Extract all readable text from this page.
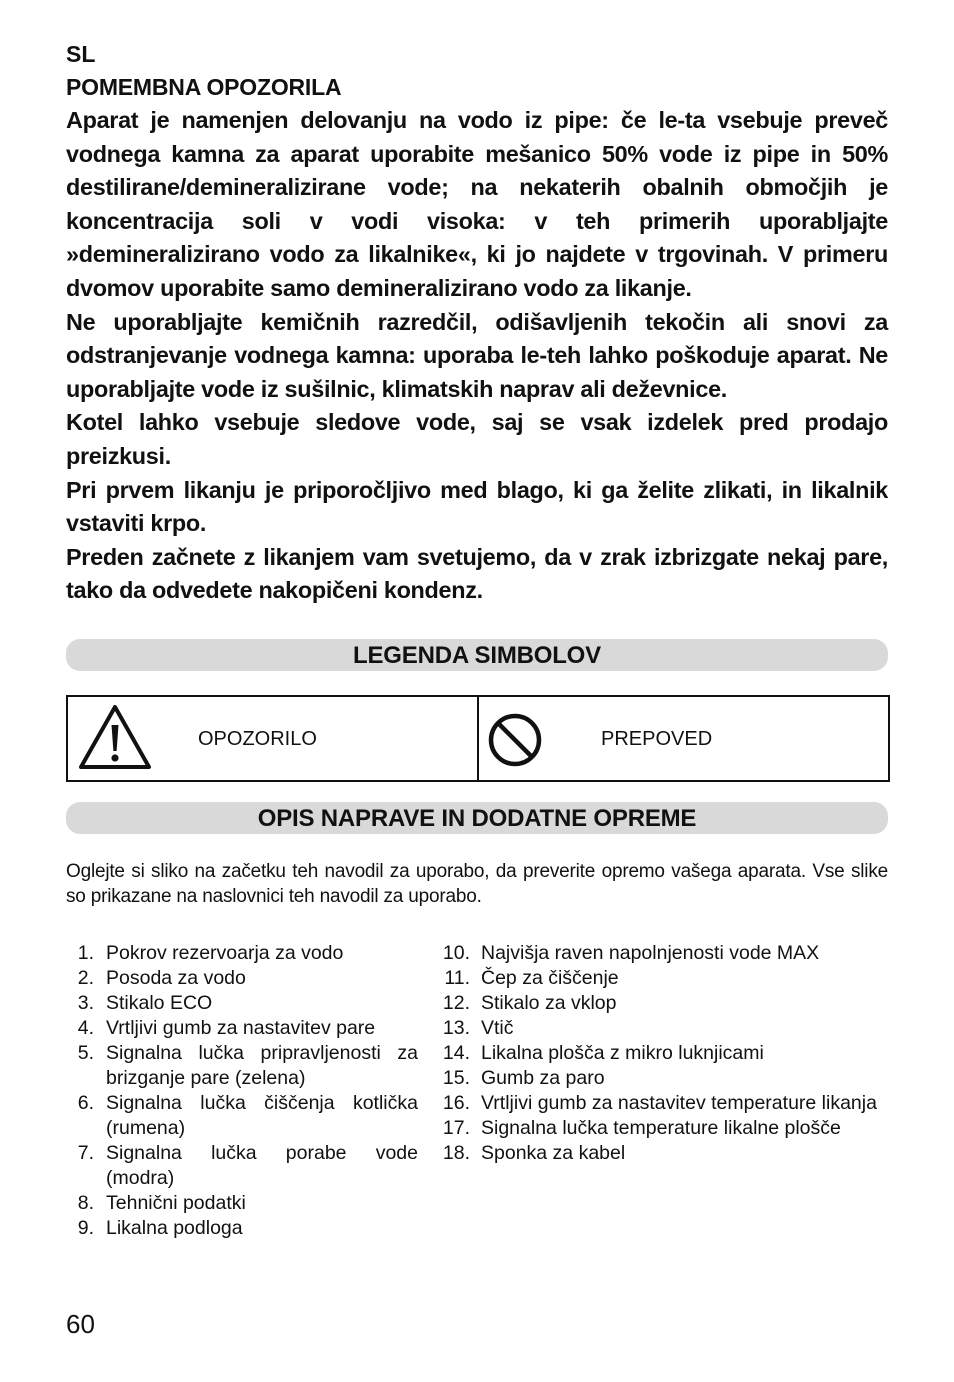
SL
POMEMBNA OPOZORILA

Aparat je namenjen delovanju na vodo iz pipe: če le-ta vsebuje preveč vodnega kamna za aparat uporabite mešanico 50% vode iz pipe in 50% destilirane/demineralizirane vode; na nekaterih obalnih območjih je koncentracija soli v vodi visoka: v teh primerih uporabljajte »demineralizirano vodo za likalnike«, ki jo najdete v trgovinah. V primeru dvomov uporabite samo demineralizirano vodo za likanje.

Ne uporabljajte kemičnih razredčil, odišavljenih tekočin ali snovi za odstranjevanje vodnega kamna: uporaba le-teh lahko poškoduje aparat. Ne uporabljajte vode iz sušilnic, klimatskih naprav ali deževnice.

Kotel lahko vsebuje sledove vode, saj se vsak izdelek pred prodajo preizkusi.

Pri prvem likanju je priporočljivo med blago, ki ga želite zlikati, in likalnik vstaviti krpo.

Preden začnete z likanjem vam svetujemo, da v zrak izbrizgate nekaj pare, tako da odvedete nakopičeni kondenz.

LEGENDA SIMBOLOV
OPOZORILO	PREPOVED
OPIS NAPRAVE IN DODATNE OPREME
Oglejte si sliko na začetku teh navodil za uporabo, da preverite opremo vašega aparata. Vse slike so prikazane na naslovnici teh navodil za uporabo.
1. Pokrov rezervoarja za vodo
2. Posoda za vodo
3. Stikalo ECO
4. Vrtljivi gumb za nastavitev pare
5. Signalna lučka pripravljenosti za brizganje pare (zelena)
6. Signalna lučka čiščenja kotlička (rumena)
7. Signalna lučka porabe vode (modra)
8. Tehnični podatki
9. Likalna podloga
10. Najvišja raven napolnjenosti vode MAX
11. Čep za čiščenje
12. Stikalo za vklop
13. Vtič
14. Likalna plošča z mikro luknjicami
15. Gumb za paro
16. Vrtljivi gumb za nastavitev temperature likanja
17. Signalna lučka temperature likalne plošče
18. Sponka za kabel
60
